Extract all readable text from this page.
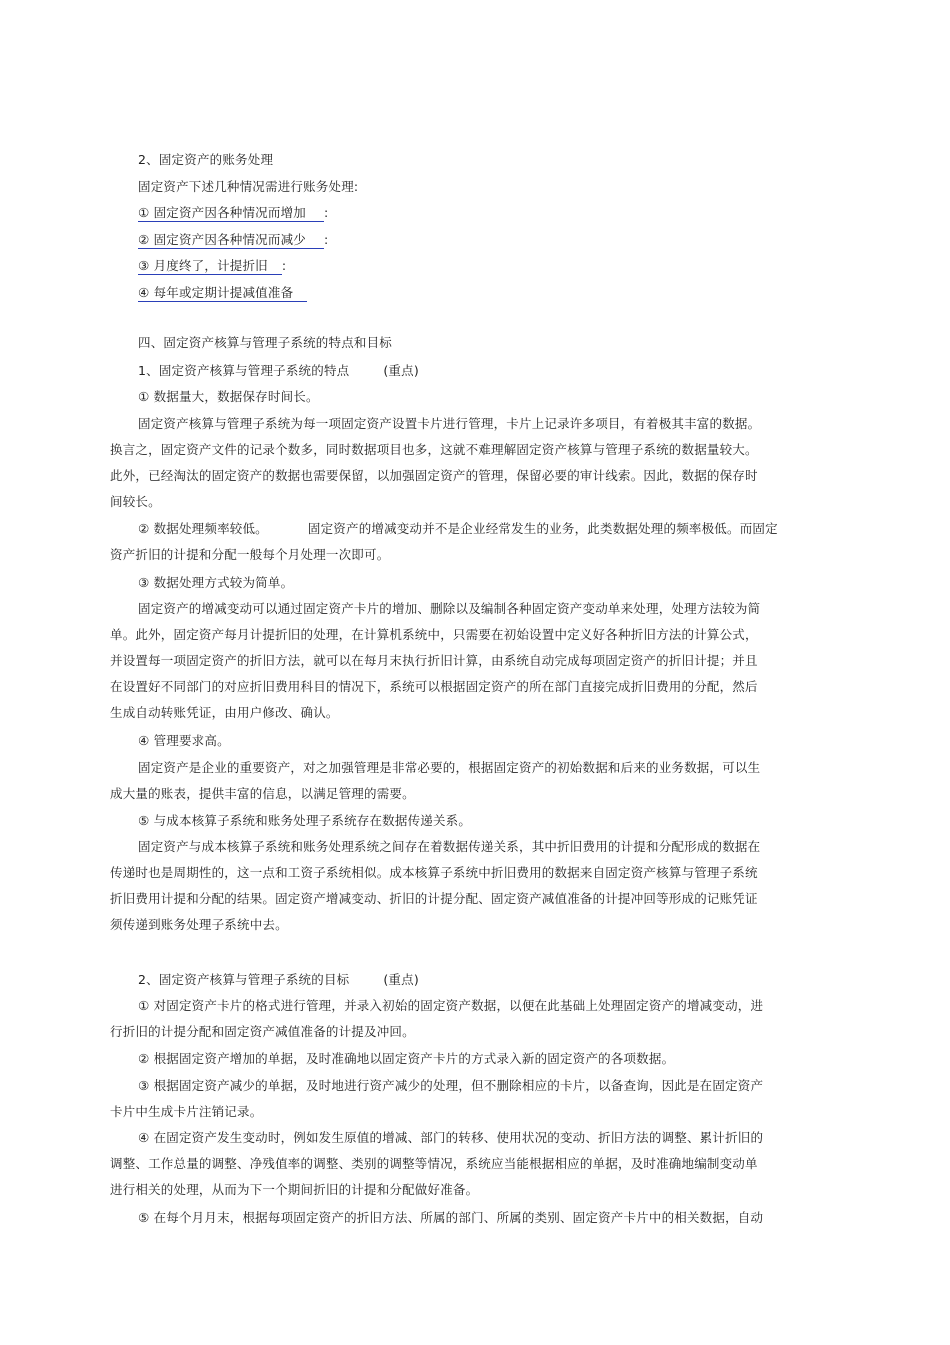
2、固定资产的账务处理
固定资产下述几种情况需进行账务处理:
① 固定资产因各种情况而增加 :
② 固定资产因各种情况而减少 :
③ 月度终了，计提折旧 :
④ 每年或定期计提减值准备
四、固定资产核算与管理子系统的特点和目标
1、固定资产核算与管理子系统的特点	(重点)
① 数据量大，数据保存时间长。
固定资产核算与管理子系统为每一项固定资产设置卡片进行管理，卡片上记录许多项目，有着极其丰富的数据。
换言之，固定资产文件的记录个数多，同时数据项目也多，这就不难理解固定资产核算与管理子系统的数据量较大。
此外，已经淘汰的固定资产的数据也需要保留，以加强固定资产的管理，保留必要的审计线索。因此，数据的保存时
间较长。
② 数据处理频率较低。	固定资产的增减变动并不是企业经常发生的业务，此类数据处理的频率极低。而固定
资产折旧的计提和分配一般每个月处理一次即可。
③ 数据处理方式较为简单。
固定资产的增减变动可以通过固定资产卡片的增加、删除以及编制各种固定资产变动单来处理，处理方法较为简
单。此外，固定资产每月计提折旧的处理，在计算机系统中，只需要在初始设置中定义好各种折旧方法的计算公式，
并设置每一项固定资产的折旧方法，就可以在每月末执行折旧计算，由系统自动完成每项固定资产的折旧计提；并且
在设置好不同部门的对应折旧费用科目的情况下，系统可以根据固定资产的所在部门直接完成折旧费用的分配，然后
生成自动转账凭证，由用户修改、确认。
④ 管理要求高。
固定资产是企业的重要资产，对之加强管理是非常必要的，根据固定资产的初始数据和后来的业务数据，可以生
成大量的账表，提供丰富的信息，以满足管理的需要。
⑤ 与成本核算子系统和账务处理子系统存在数据传递关系。
固定资产与成本核算子系统和账务处理系统之间存在着数据传递关系，其中折旧费用的计提和分配形成的数据在
传递时也是周期性的，这一点和工资子系统相似。成本核算子系统中折旧费用的数据来自固定资产核算与管理子系统
折旧费用计提和分配的结果。固定资产增减变动、折旧的计提分配、固定资产减值准备的计提冲回等形成的记账凭证
须传递到账务处理子系统中去。
2、固定资产核算与管理子系统的目标	(重点)
① 对固定资产卡片的格式进行管理，并录入初始的固定资产数据，以便在此基础上处理固定资产的增减变动，进
行折旧的计提分配和固定资产减值准备的计提及冲回。
② 根据固定资产增加的单据，及时准确地以固定资产卡片的方式录入新的固定资产的各项数据。
③ 根据固定资产减少的单据，及时地进行资产减少的处理，但不删除相应的卡片，以备查询，因此是在固定资产
卡片中生成卡片注销记录。
④ 在固定资产发生变动时，例如发生原值的增减、部门的转移、使用状况的变动、折旧方法的调整、累计折旧的
调整、工作总量的调整、净残值率的调整、类别的调整等情况，系统应当能根据相应的单据，及时准确地编制变动单
进行相关的处理，从而为下一个期间折旧的计提和分配做好准备。
⑤ 在每个月月末，根据每项固定资产的折旧方法、所属的部门、所属的类别、固定资产卡片中的相关数据，自动
